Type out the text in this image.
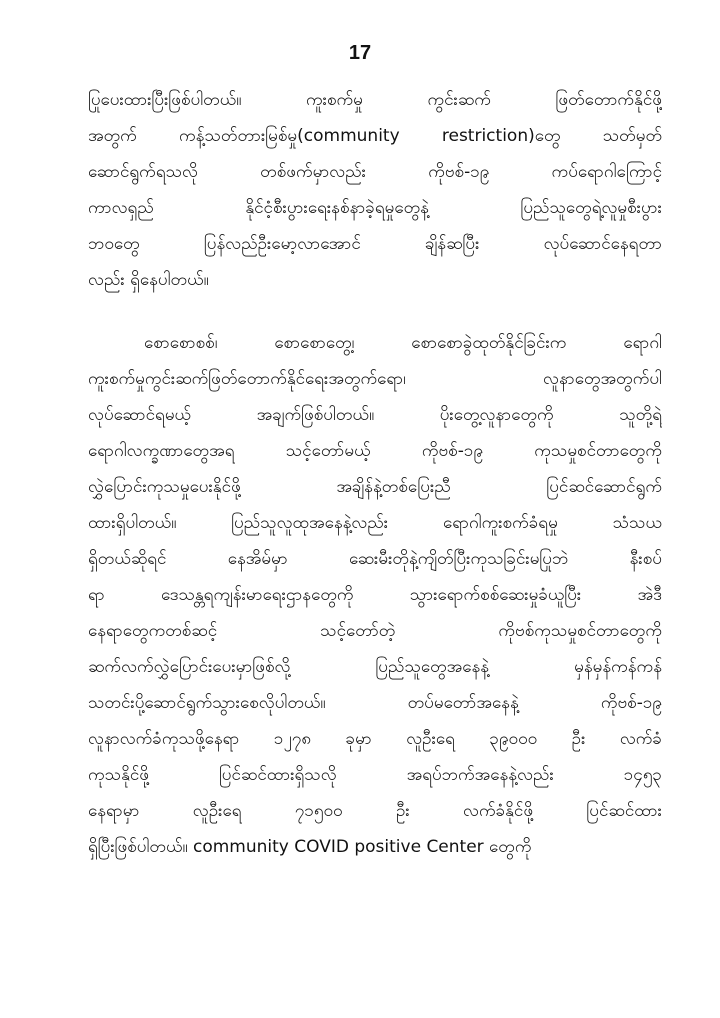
17
ပြုပေးထားပြီးဖြစ်ပါတယ်။ ကူးစက်မှု ကွင်းဆက် ဖြတ်တောက်နိုင်ဖို့
အတွက် ကန့်သတ်တားမြစ်မှု(community restriction)တွေ သတ်မှတ်
ဆောင်ရွက်ရသလို တစ်ဖက်မှာလည်း ကိုဗစ်-၁၉ ကပ်ရောဂါကြောင့်
ကာလရှည် နိုင်ငံ့စီးပွားရေးနစ်နာခဲ့ရမှုတွေနဲ့ ပြည်သူတွေရဲ့လူမှုစီးပွား
ဘဝတွေ ပြန်လည်ဦးမော့လာအောင် ချိန်ဆပြီး လုပ်ဆောင်နေရတာ
လည်း ရှိနေပါတယ်။
စောစောစစ်၊ စောစောတွေ့၊ စောစောခွဲထုတ်နိုင်ခြင်းက ရောဂါ
ကူးစက်မှုကွင်းဆက်ဖြတ်တောက်နိုင်ရေးအတွက်ရော၊ လူနာတွေအတွက်ပါ
လုပ်ဆောင်ရမယ့် အချက်ဖြစ်ပါတယ်။ ပိုးတွေ့လူနာတွေကို သူတို့ရဲ့
ရောဂါလက္ခဏာတွေအရ သင့်တော်မယ့် ကိုဗစ်-၁၉ ကုသမှုစင်တာတွေကို
လွှဲပြောင်းကုသမှုပေးနိုင်ဖို့ အချိန်နဲ့တစ်ပြေးညီ ပြင်ဆင်ဆောင်ရွက်
ထားရှိပါတယ်။ ပြည်သူလူထုအနေနဲ့လည်း ရောဂါကူးစက်ခံရမှု သံသယ
ရှိတယ်ဆိုရင် နေအိမ်မှာ ဆေးမီးတိုနဲ့ကျိတ်ပြီးကုသခြင်းမပြုဘဲ နီးစပ်
ရာ ဒေသန္တရကျန်းမာရေးဌာနတွေကို သွားရောက်စစ်ဆေးမှုခံယူပြီး အဲဒီ
နေရာတွေကတစ်ဆင့် သင့်တော်တဲ့ ကိုဗစ်ကုသမှုစင်တာတွေကို
ဆက်လက်လွှဲပြောင်းပေးမှာဖြစ်လို့ ပြည်သူတွေအနေနဲ့ မှန်မှန်ကန်ကန်
သတင်းပို့ဆောင်ရွက်သွားစေလိုပါတယ်။ တပ်မတော်အနေနဲ့ ကိုဗစ်-၁၉
လူနာလက်ခံကုသဖို့နေရာ ၁၂၇၈ ခုမှာ လူဦးရေ ၃၉၀၀၀ ဦး လက်ခံ
ကုသနိုင်ဖို့ ပြင်ဆင်ထားရှိသလို အရပ်ဘက်အနေနဲ့လည်း ၁၄၅၃
နေရာမှာ လူဦးရေ ၇၁၅၀၀ ဦး လက်ခံနိုင်ဖို့ ပြင်ဆင်ထား
ရှိပြီးဖြစ်ပါတယ်။ community COVID positive Center တွေကို
